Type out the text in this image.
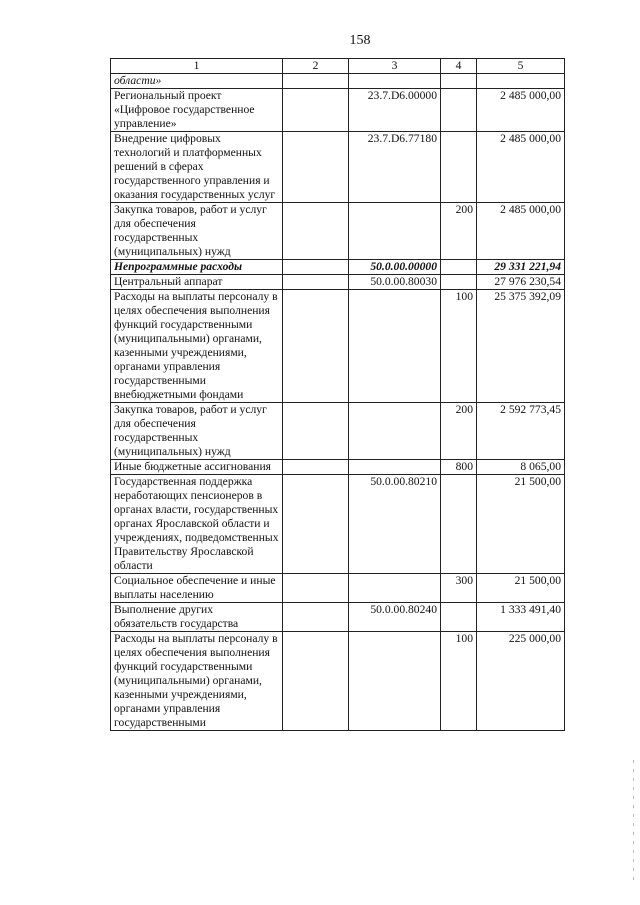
158
1	2	3	4	5
области»				
Региональный проект «Цифровое государственное управление»		23.7.D6.00000		2 485 000,00
Внедрение цифровых технологий и платформенных решений в сферах государственного управления и оказания государственных услуг		23.7.D6.77180		2 485 000,00
Закупка товаров, работ и услуг для обеспечения государственных (муниципальных) нужд			200	2 485 000,00
Непрограммные расходы		50.0.00.00000		29 331 221,94
Центральный аппарат		50.0.00.80030		27 976 230,54
Расходы на выплаты персоналу в целях обеспечения выполнения функций государственными (муниципальными) органами, казенными учреждениями, органами управления государственными внебюджетными фондами			100	25 375 392,09
Закупка товаров, работ и услуг для обеспечения государственных (муниципальных) нужд			200	2 592 773,45
Иные бюджетные ассигнования			800	8 065,00
Государственная поддержка неработающих пенсионеров в органах власти, государственных органах Ярославской области и учреждениях, подведомственных Правительству Ярославской области		50.0.00.80210		21 500,00
Социальное обеспечение и иные выплаты населению			300	21 500,00
Выполнение других обязательств государства		50.0.00.80240		1 333 491,40
Расходы на выплаты персоналу в целях обеспечения выполнения функций государственными (муниципальными) органами, казенными учреждениями, органами управления государственными			100	225 000,00
